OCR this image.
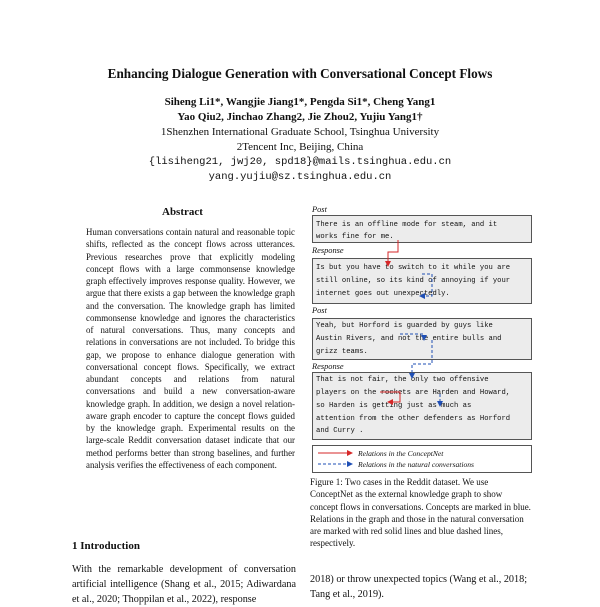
Enhancing Dialogue Generation with Conversational Concept Flows
Siheng Li1*, Wangjie Jiang1*, Pengda Si1*, Cheng Yang1
Yao Qiu2, Jinchao Zhang2, Jie Zhou2, Yujiu Yang1†
1Shenzhen International Graduate School, Tsinghua University
2Tencent Inc, Beijing, China
{lisiheng21, jwj20, spd18}@mails.tsinghua.edu.cn
yang.yujiu@sz.tsinghua.edu.cn
Abstract
Human conversations contain natural and reasonable topic shifts, reflected as the concept flows across utterances. Previous researches prove that explicitly modeling concept flows with a large commonsense knowledge graph effectively improves response quality. However, we argue that there exists a gap between the knowledge graph and the conversation. The knowledge graph has limited commonsense knowledge and ignores the characteristics of natural conversations. Thus, many concepts and relations in conversations are not included. To bridge this gap, we propose to enhance dialogue generation with conversational concept flows. Specifically, we extract abundant concepts and relations from natural conversations and build a new conversation-aware knowledge graph. In addition, we design a novel relation-aware graph encoder to capture the concept flows guided by the knowledge graph. Experimental results on the large-scale Reddit conversation dataset indicate that our method performs better than strong baselines, and further analysis verifies the effectiveness of each component.
1 Introduction
With the remarkable development of conversation artificial intelligence (Shang et al., 2015; Adiwardana et al., 2020; Thoppilan et al., 2022), response
2018) or throw unexpected topics (Wang et al., 2018; Tang et al., 2019).
Post
There is an offline mode for steam, and it
works fine for me.
Response
Is but you have to switch to it while you are
still online, so its kind of annoying if your
internet goes out unexpectedly.
Post
Yeah, but Horford is guarded by guys like
Austin Rivers, and not the entire bulls and
grizz teams.
Response
That is not fair, the only two offensive
players on the rockets are Harden and Howard,
so Harden is getting just as much as
attention from the other defenders as Horford
and Curry .
Relations in the ConceptNet
Relations in the natural conversations
Figure 1: Two cases in the Reddit dataset. We use ConceptNet as the external knowledge graph to show concept flows in conversations. Concepts are marked in blue. Relations in the graph and those in the natural conversation are marked with red solid lines and blue dashed lines, respectively.
